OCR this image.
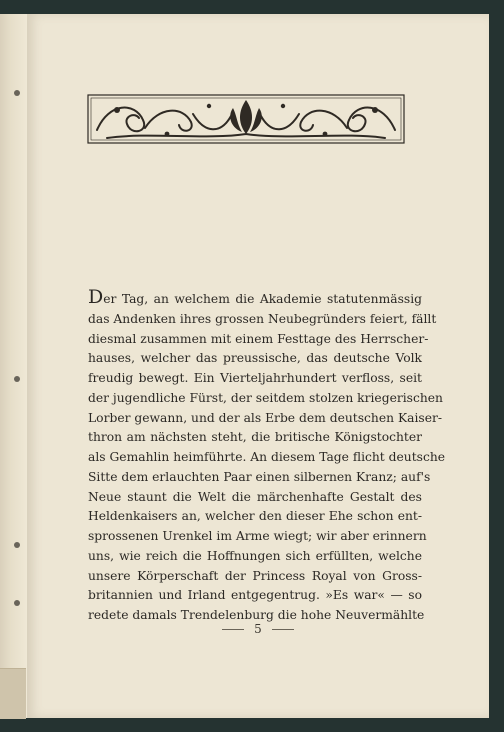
Der Tag, an welchem die Akademie statutenmässig
das Andenken ihres grossen Neubegründers feiert, fällt
diesmal zusammen mit einem Festtage des Herrscher-
hauses, welcher das preussische, das deutsche Volk
freudig bewegt. Ein Vierteljahrhundert verfloss, seit
der jugendliche Fürst, der seitdem stolzen kriegerischen
Lorber gewann, und der als Erbe dem deutschen Kaiser-
thron am nächsten steht, die britische Königstochter
als Gemahlin heimführte. An diesem Tage flicht deutsche
Sitte dem erlauchten Paar einen silbernen Kranz; auf's
Neue staunt die Welt die märchenhafte Gestalt des
Heldenkaisers an, welcher den dieser Ehe schon ent-
sprossenen Urenkel im Arme wiegt; wir aber erinnern
uns, wie reich die Hoffnungen sich erfüllten, welche
unsere Körperschaft der Princess Royal von Gross-
britannien und Irland entgegentrug. »Es war« — so
redete damals Trendelenburg die hohe Neuvermählte
5
